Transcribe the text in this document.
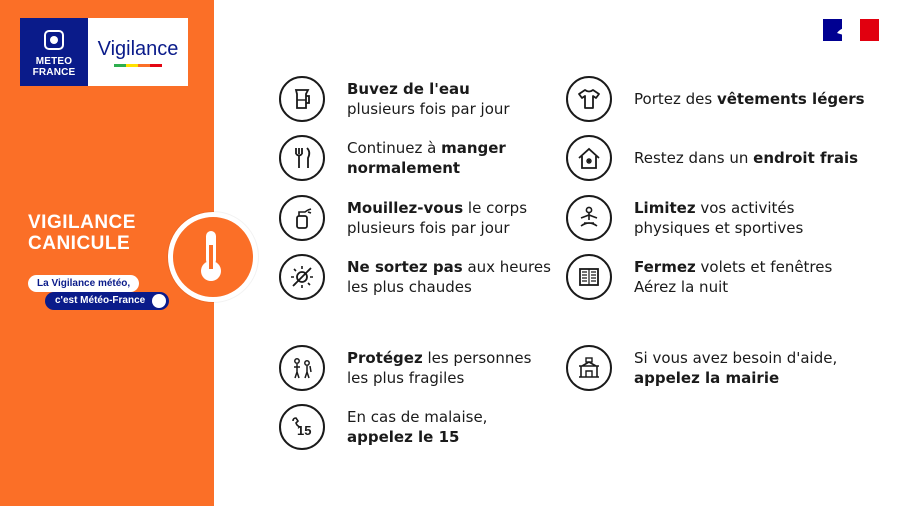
METEO
FRANCE
Vigilance
VIGILANCE
CANICULE
La Vigilance météo,
c'est Météo-France
Buvez de l'eau
plusieurs fois par jour
Continuez à manger
normalement
Mouillez-vous le corps
plusieurs fois par jour
Ne sortez pas aux heures
les plus chaudes
Portez des vêtements légers
Restez dans un endroit frais
Limitez vos activités
physiques et sportives
Fermez volets et fenêtres
Aérez la nuit
Protégez les personnes
les plus fragiles
15
En cas de malaise,
appelez le 15
Si vous avez besoin d'aide,
appelez la mairie
